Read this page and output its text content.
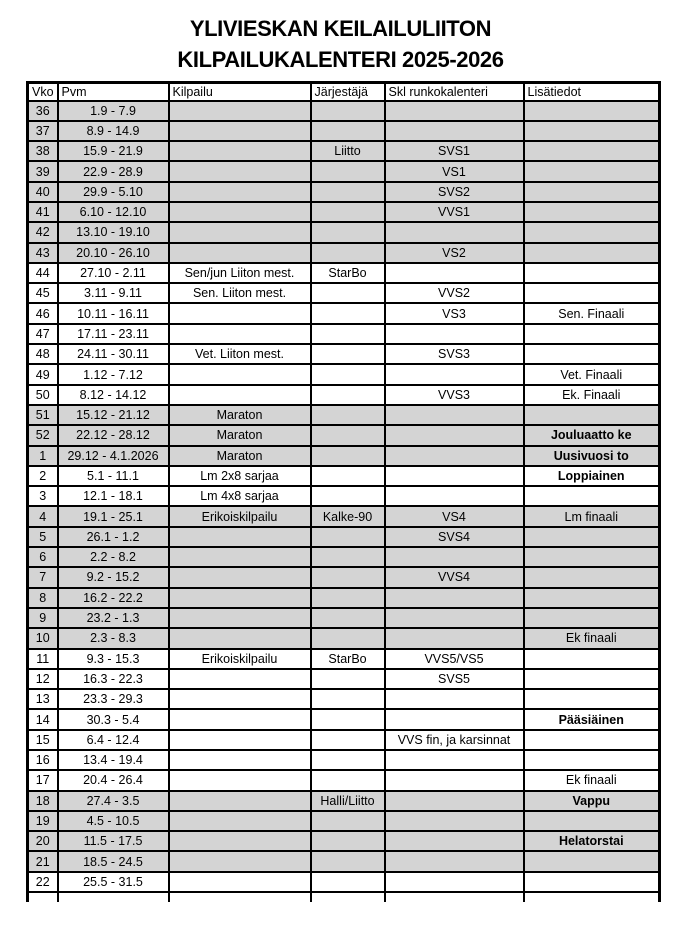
YLIVIESKAN KEILAILULIITON
KILPAILUKALENTERI 2025-2026
Vko	Pvm	Kilpailu	Järjestäjä	Skl runkokalenteri	Lisätiedot
36	1.9 - 7.9				
37	8.9 - 14.9				
38	15.9 - 21.9		Liitto	SVS1	
39	22.9 - 28.9			VS1	
40	29.9 - 5.10			SVS2	
41	6.10 - 12.10			VVS1	
42	13.10 - 19.10				
43	20.10 - 26.10			VS2	
44	27.10 - 2.11	Sen/jun Liiton mest.	StarBo		
45	3.11 - 9.11	Sen. Liiton mest.		VVS2	
46	10.11 - 16.11			VS3	Sen. Finaali
47	17.11 - 23.11				
48	24.11 - 30.11	Vet. Liiton mest.		SVS3	
49	1.12 - 7.12				Vet. Finaali
50	8.12 - 14.12			VVS3	Ek. Finaali
51	15.12 - 21.12	Maraton			
52	22.12 - 28.12	Maraton			Jouluaatto ke
1	29.12 - 4.1.2026	Maraton			Uusivuosi to
2	5.1 - 11.1	Lm 2x8 sarjaa			Loppiainen
3	12.1 - 18.1	Lm 4x8 sarjaa			
4	19.1 - 25.1	Erikoiskilpailu	Kalke-90	VS4	Lm finaali
5	26.1 - 1.2			SVS4	
6	2.2 - 8.2				
7	9.2 - 15.2			VVS4	
8	16.2 - 22.2				
9	23.2 - 1.3				
10	2.3 - 8.3				Ek finaali
11	9.3 - 15.3	Erikoiskilpailu	StarBo	VVS5/VS5	
12	16.3 - 22.3			SVS5	
13	23.3 - 29.3				
14	30.3 - 5.4				Pääsiäinen
15	6.4 - 12.4			VVS fin, ja karsinnat	
16	13.4 - 19.4				
17	20.4 - 26.4				Ek finaali
18	27.4 - 3.5		Halli/Liitto		Vappu
19	4.5 - 10.5				
20	11.5 - 17.5				Helatorstai
21	18.5 - 24.5				
22	25.5 - 31.5				
